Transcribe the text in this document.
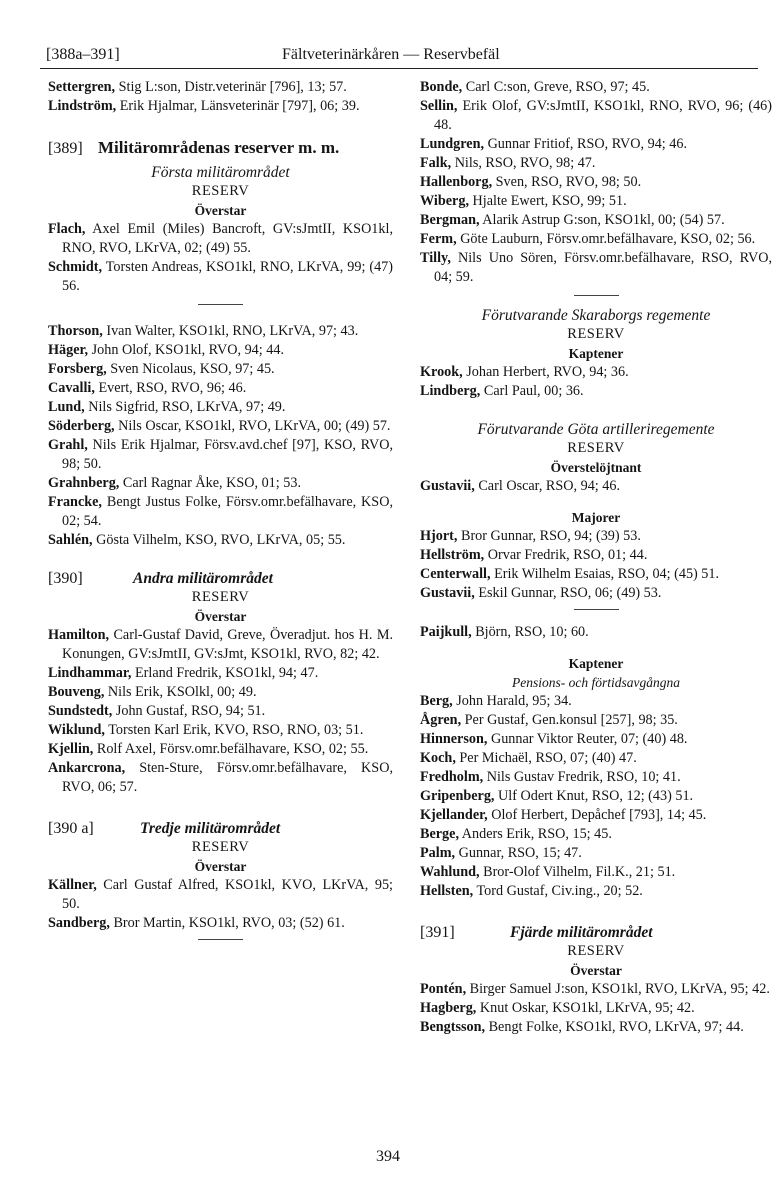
[388a–391]	Fältveterinärkåren — Reservbefäl

Settergren, Stig L:son, Distr.veterinär [796], 13; 57.

Lindström, Erik Hjalmar, Länsveterinär [797], 06; 39.

[389] Militärområdenas reserver m. m.

Första militärområdet

RESERV

Överstar

Flach, Axel Emil (Miles) Bancroft, GV:sJmtII, KSO1kl, RNO, RVO, LKrVA, 02; (49) 55.

Schmidt, Torsten Andreas, KSO1kl, RNO, LKrVA, 99; (47) 56.

Thorson, Ivan Walter, KSO1kl, RNO, LKrVA, 97; 43.

Häger, John Olof, KSO1kl, RVO, 94; 44.

Forsberg, Sven Nicolaus, KSO, 97; 45.

Cavalli, Evert, RSO, RVO, 96; 46.

Lund, Nils Sigfrid, RSO, LKrVA, 97; 49.

Söderberg, Nils Oscar, KSO1kl, RVO, LKrVA, 00; (49) 57.

Grahl, Nils Erik Hjalmar, Försv.avd.chef [97], KSO, RVO, 98; 50.

Grahnberg, Carl Ragnar Åke, KSO, 01; 53.

Francke, Bengt Justus Folke, Försv.omr.befälhavare, KSO, 02; 54.

Sahlén, Gösta Vilhelm, KSO, RVO, LKrVA, 05; 55.

[390]	Andra militärområdet

RESERV

Överstar

Hamilton, Carl-Gustaf David, Greve, Överadjut. hos H. M. Konungen, GV:sJmtII, GV:sJmt, KSO1kl, RVO, 82; 42.

Lindhammar, Erland Fredrik, KSO1kl, 94; 47.

Bouveng, Nils Erik, KSOlkl, 00; 49.

Sundstedt, John Gustaf, RSO, 94; 51.

Wiklund, Torsten Karl Erik, KVO, RSO, RNO, 03; 51.

Kjellin, Rolf Axel, Försv.omr.befälhavare, KSO, 02; 55.

Ankarcrona, Sten-Sture, Försv.omr.befälhavare, KSO, RVO, 06; 57.

[390 a]	Tredje militärområdet

RESERV

Överstar

Källner, Carl Gustaf Alfred, KSO1kl, KVO, LKrVA, 95; 50.

Sandberg, Bror Martin, KSO1kl, RVO, 03; (52) 61.

Bonde, Carl C:son, Greve, RSO, 97; 45.

Sellin, Erik Olof, GV:sJmtII, KSO1kl, RNO, RVO, 96; (46) 48.

Lundgren, Gunnar Fritiof, RSO, RVO, 94; 46.

Falk, Nils, RSO, RVO, 98; 47.

Hallenborg, Sven, RSO, RVO, 98; 50.

Wiberg, Hjalte Ewert, KSO, 99; 51.

Bergman, Alarik Astrup G:son, KSO1kl, 00; (54) 57.

Ferm, Göte Lauburn, Försv.omr.befälhavare, KSO, 02; 56.

Tilly, Nils Uno Sören, Försv.omr.befälhavare, RSO, RVO, 04; 59.

Förutvarande Skaraborgs regemente

RESERV

Kaptener

Krook, Johan Herbert, RVO, 94; 36.

Lindberg, Carl Paul, 00; 36.

Förutvarande Göta artilleriregemente

RESERV

Överstelöjtnant

Gustavii, Carl Oscar, RSO, 94; 46.

Majorer

Hjort, Bror Gunnar, RSO, 94; (39) 53.

Hellström, Orvar Fredrik, RSO, 01; 44.

Centerwall, Erik Wilhelm Esaias, RSO, 04; (45) 51.

Gustavii, Eskil Gunnar, RSO, 06; (49) 53.

Paijkull, Björn, RSO, 10; 60.

Kaptener

Pensions- och förtidsavgångna

Berg, John Harald, 95; 34.

Ågren, Per Gustaf, Gen.konsul [257], 98; 35.

Hinnerson, Gunnar Viktor Reuter, 07; (40) 48.

Koch, Per Michaël, RSO, 07; (40) 47.

Fredholm, Nils Gustav Fredrik, RSO, 10; 41.

Gripenberg, Ulf Odert Knut, RSO, 12; (43) 51.

Kjellander, Olof Herbert, Depåchef [793], 14; 45.

Berge, Anders Erik, RSO, 15; 45.

Palm, Gunnar, RSO, 15; 47.

Wahlund, Bror-Olof Vilhelm, Fil.K., 21; 51.

Hellsten, Tord Gustaf, Civ.ing., 20; 52.

[391]	Fjärde militärområdet

RESERV

Överstar

Pontén, Birger Samuel J:son, KSO1kl, RVO, LKrVA, 95; 42.

Hagberg, Knut Oskar, KSO1kl, LKrVA, 95; 42.

Bengtsson, Bengt Folke, KSO1kl, RVO, LKrVA, 97; 44.

394
